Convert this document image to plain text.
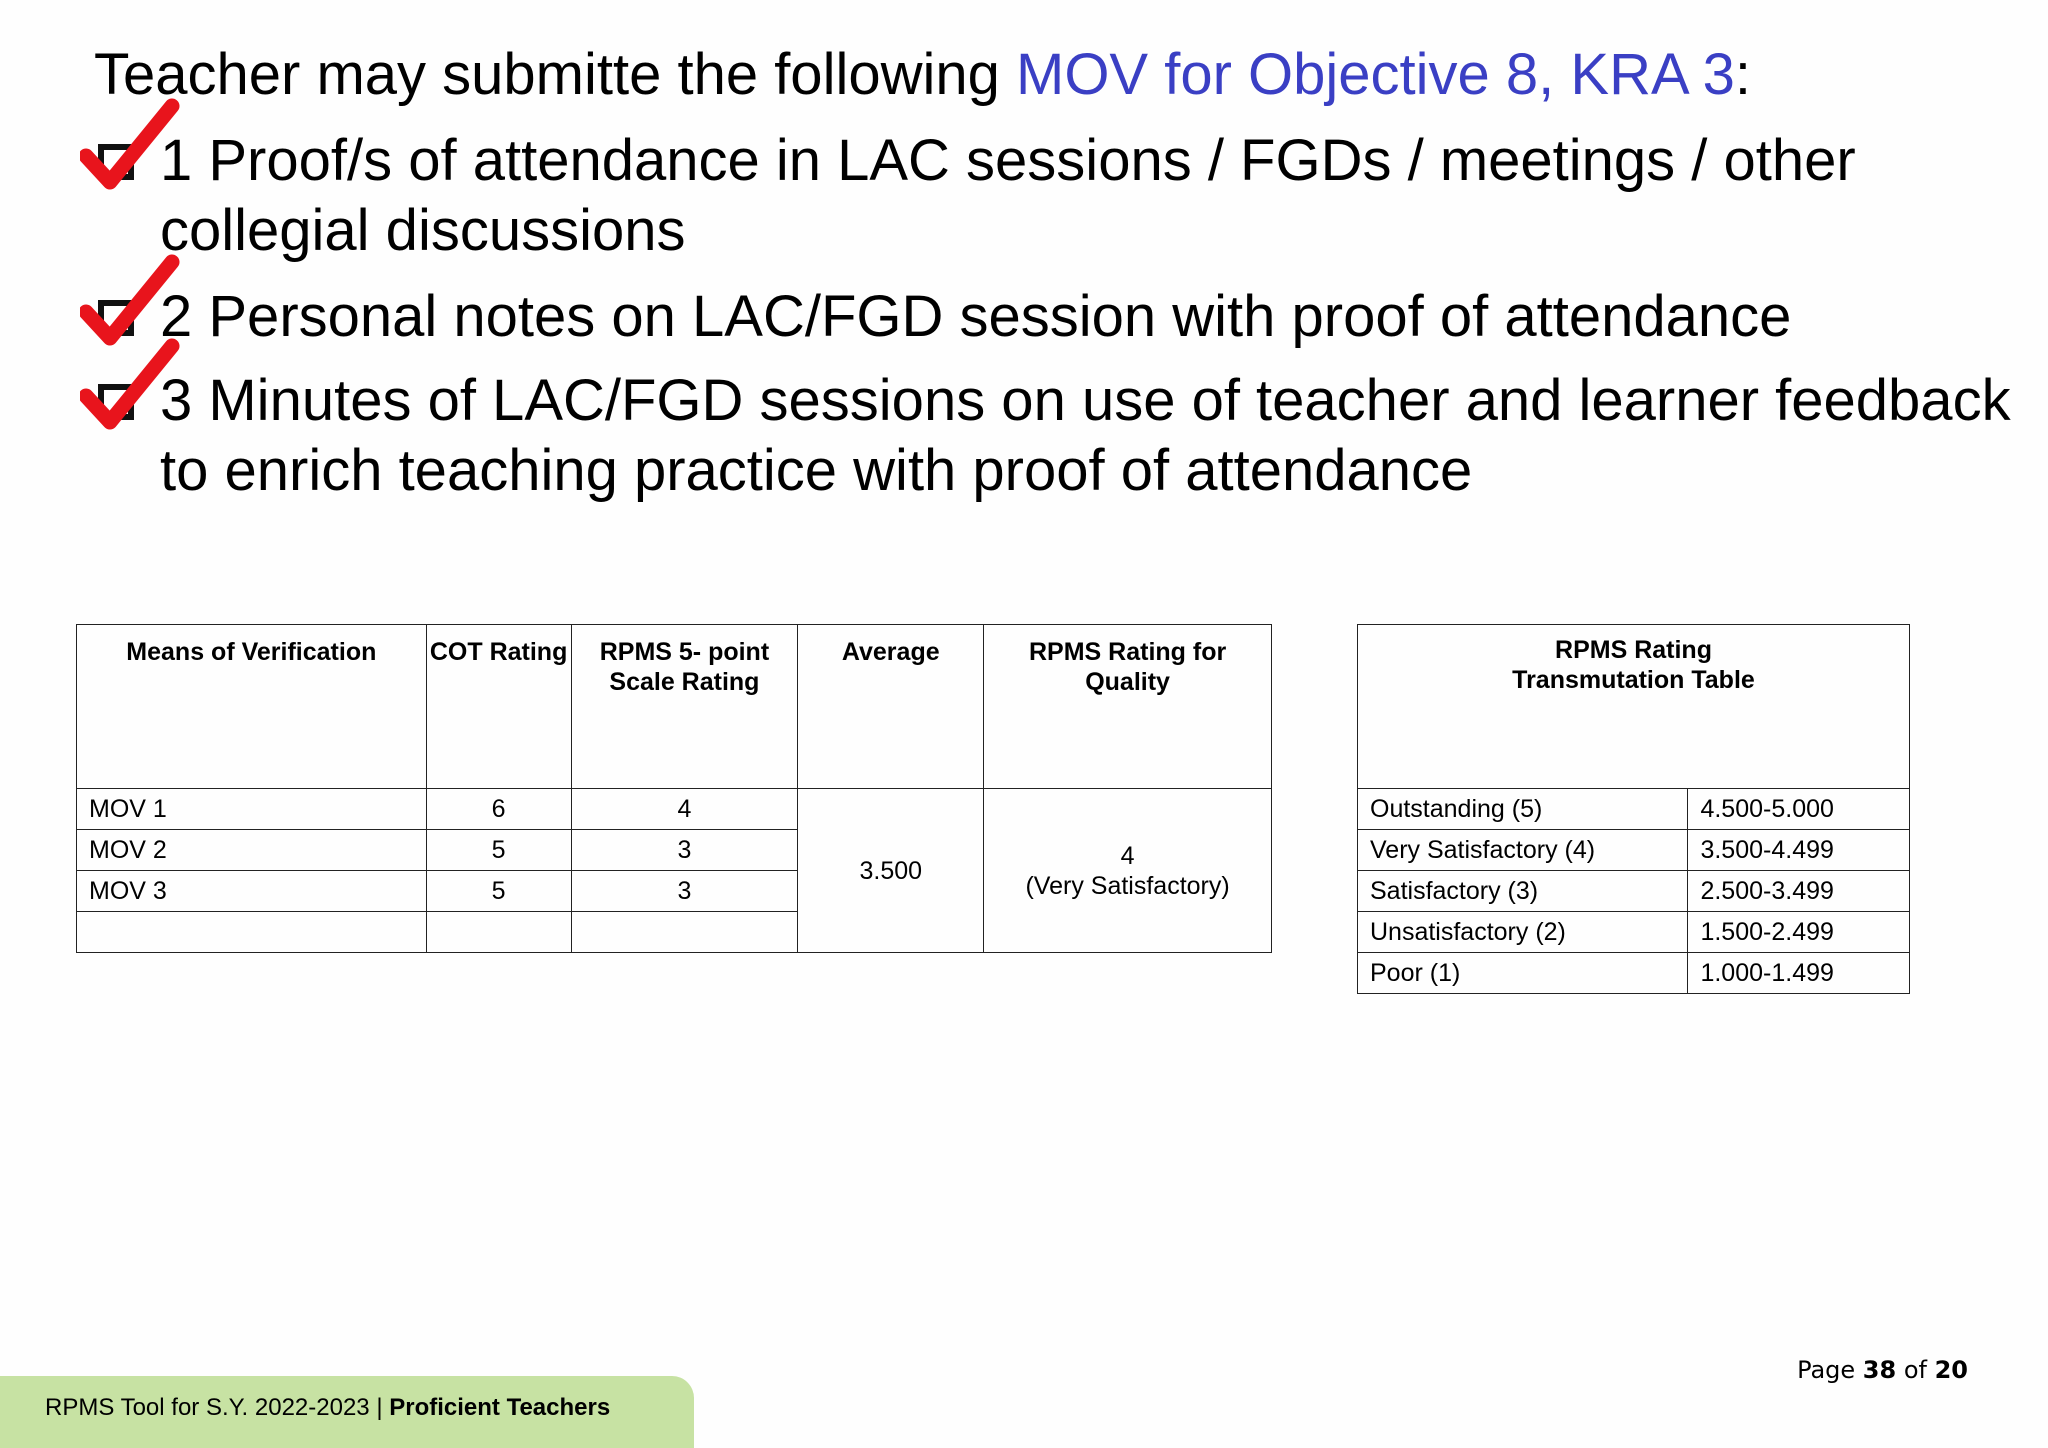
Teacher may submitte the following MOV for Objective 8, KRA 3:
1 Proof/s of attendance in LAC sessions / FGDs / meetings / other
collegial discussions
2 Personal notes on LAC/FGD session with proof of attendance
3 Minutes of LAC/FGD sessions on use of teacher and learner feedback
to enrich teaching practice with proof of attendance
Means of Verification	COT Rating	RPMS 5- point Scale Rating	Average	RPMS Rating for Quality
MOV 1	6	4	3.500	4
(Very Satisfactory)

MOV 2	5	3		
MOV 3	5	3		

RPMS Rating
Transmutation Table	

Outstanding (5)	4.500-5.000
Very Satisfactory (4)	3.500-4.499
Satisfactory (3)	2.500-3.499
Unsatisfactory (2)	1.500-2.499
Poor (1)	1.000-1.499
RPMS Tool for S.Y. 2022-2023 | Proficient Teachers
Page 38 of 20
